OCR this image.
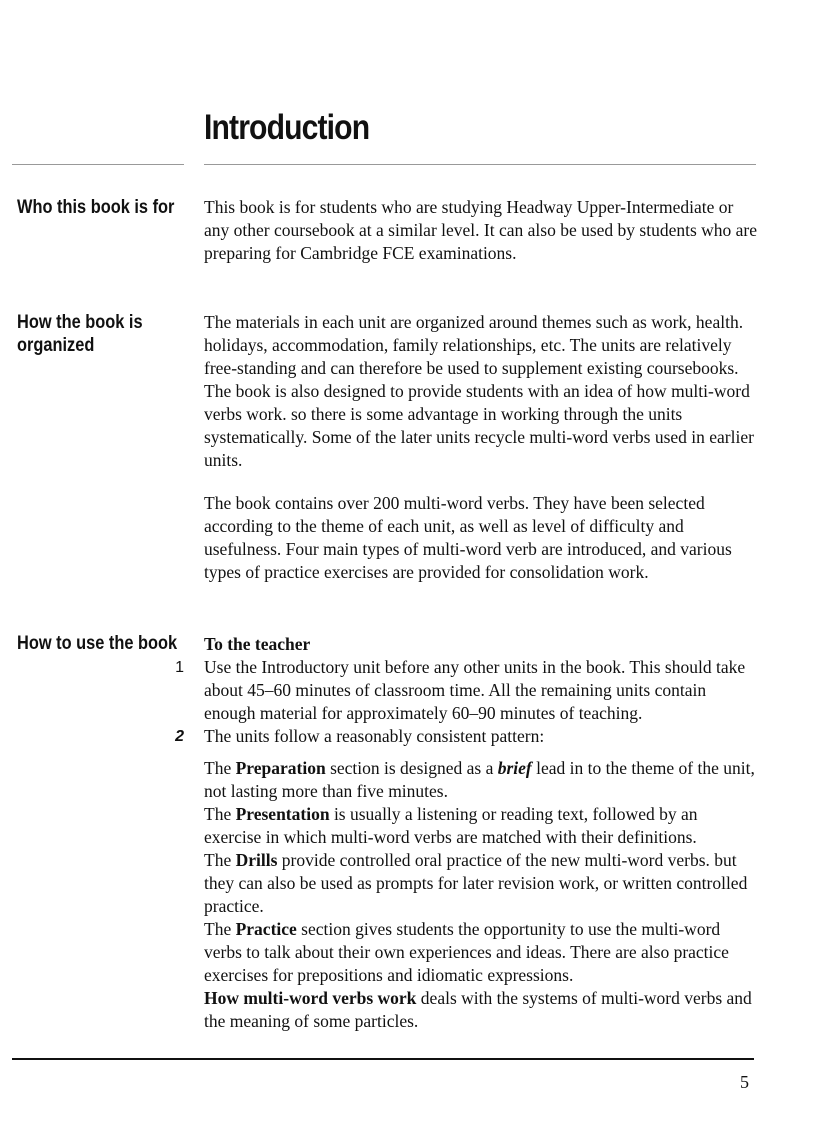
Introduction
Who this book is for This book is for students who are studying Headway Upper-Intermediate or any other coursebook at a similar level. It can also be used by students who are preparing for Cambridge FCE examinations.

How the book is
organized

The materials in each unit are organized around themes such as work, health. holidays, accommodation, family relationships, etc. The units are relatively free-standing and can therefore be used to supplement existing coursebooks. The book is also designed to provide students with an idea of how multi-word verbs work. so there is some advantage in working through the units systematically. Some of the later units recycle multi-word verbs used in earlier units.

The book contains over 200 multi-word verbs. They have been selected according to the theme of each unit, as well as level of difficulty and usefulness. Four main types of multi-word verb are introduced, and various types of practice exercises are provided for consolidation work.

How to use the book To the teacher

1 Use the Introductory unit before any other units in the book. This should take about 45–60 minutes of classroom time. All the remaining units contain enough material for approximately 60–90 minutes of teaching.

2 The units follow a reasonably consistent pattern:

The Preparation section is designed as a brief lead in to the theme of the unit, not lasting more than five minutes.

The Presentation is usually a listening or reading text, followed by an exercise in which multi-word verbs are matched with their definitions.

The Drills provide controlled oral practice of the new multi-word verbs. but they can also be used as prompts for later revision work, or written controlled practice.

The Practice section gives students the opportunity to use the multi-word verbs to talk about their own experiences and ideas. There are also practice exercises for prepositions and idiomatic expressions.

How multi-word verbs work deals with the systems of multi-word verbs and the meaning of some particles.

5
